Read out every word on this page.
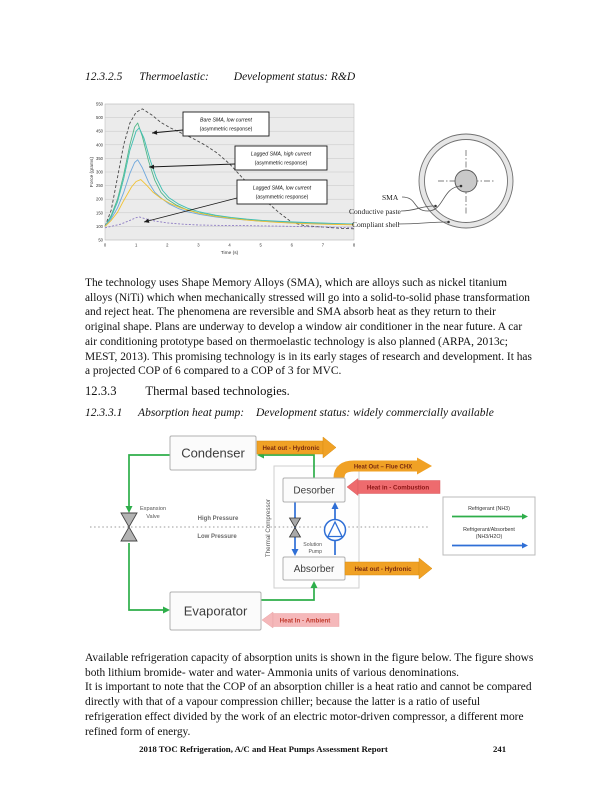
12.3.2.5 Thermoelastic: Development status: R&D
50
100
150
200
250
300
350
400
450
500
550
0	1	2	3	4	5	6	7	8
Time (s)
Force (grams)
Bare SMA, low current
(asymmetric response)
Lagged SMA, high current
(asymmetric response)
Lagged SMA, low current
(asymmetric response)	SMA
Conductive paste
Compliant shell
The technology uses Shape Memory Alloys (SMA), which are alloys such as nickel titanium alloys (NiTi) which when mechanically stressed will go into a solid-to-solid phase transformation and reject heat. The phenomena are reversible and SMA absorb heat as they return to their original shape. Plans are underway to develop a window air conditioner in the near future. A car air conditioning prototype based on thermoelastic technology is also planned (ARPA, 2013c; MEST, 2013). This promising technology is in its early stages of research and development. It has a projected COP of 6 compared to a COP of 3 for MVC.
12.3.3 Thermal based technologies.
12.3.3.1 Absorption heat pump: Development status: widely commercially available
Thermal Compressor
High Pressure
Low Pressure
Solution
Pump
Expansion
Valve
Heat Out – Flue CHX
Condenser
Desorber
Absorber
Evaporator
Heat out - Hydronic
Heat in - Combustion
Heat out - Hydronic
Heat In - Ambient
Refrigerant (NH3)
Refrigerant/Absorbent
(NH3/H2O)

Available refrigeration capacity of absorption units is shown in the figure below. The figure shows both lithium bromide- water and water- Ammonia units of various denominations.

It is important to note that the COP of an absorption chiller is a heat ratio and cannot be compared directly with that of a vapour compression chiller; because the latter is a ratio of useful refrigeration effect divided by the work of an electric motor-driven compressor, a different more refined form of energy.

2018 TOC Refrigeration, A/C and Heat Pumps Assessment Report	241
